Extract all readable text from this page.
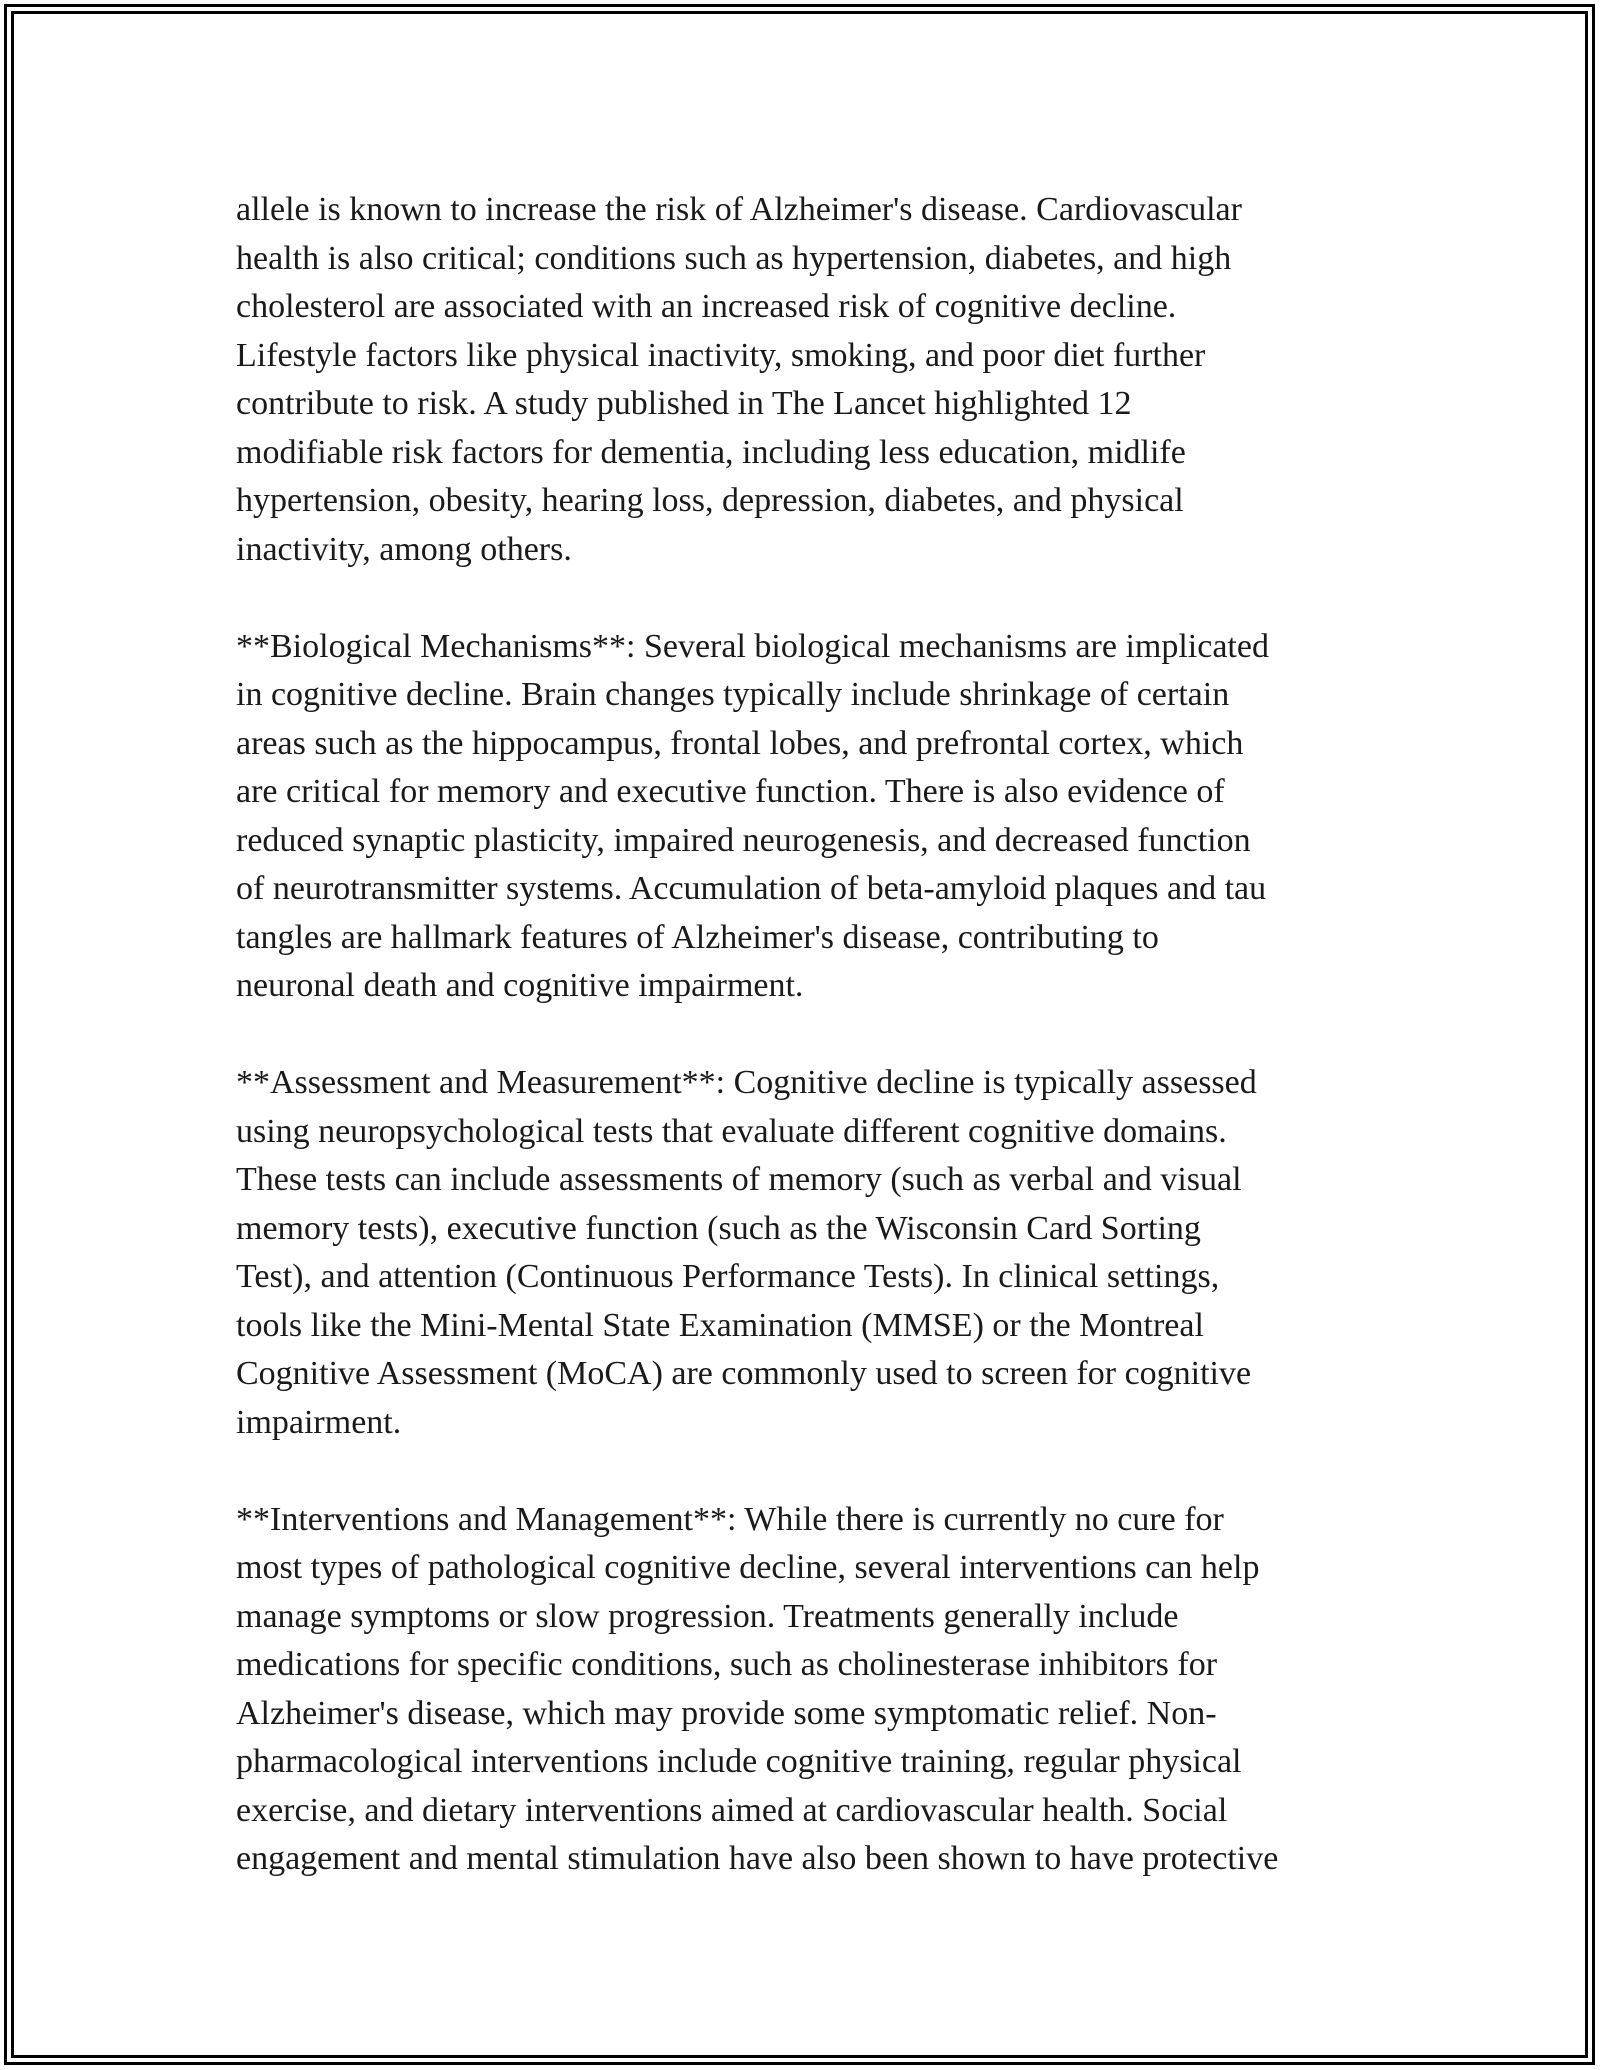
allele is known to increase the risk of Alzheimer's disease. Cardiovascular
health is also critical; conditions such as hypertension, diabetes, and high
cholesterol are associated with an increased risk of cognitive decline.
Lifestyle factors like physical inactivity, smoking, and poor diet further
contribute to risk. A study published in The Lancet highlighted 12
modifiable risk factors for dementia, including less education, midlife
hypertension, obesity, hearing loss, depression, diabetes, and physical
inactivity, among others.
**Biological Mechanisms**: Several biological mechanisms are implicated
in cognitive decline. Brain changes typically include shrinkage of certain
areas such as the hippocampus, frontal lobes, and prefrontal cortex, which
are critical for memory and executive function. There is also evidence of
reduced synaptic plasticity, impaired neurogenesis, and decreased function
of neurotransmitter systems. Accumulation of beta-amyloid plaques and tau
tangles are hallmark features of Alzheimer's disease, contributing to
neuronal death and cognitive impairment.
**Assessment and Measurement**: Cognitive decline is typically assessed
using neuropsychological tests that evaluate different cognitive domains.
These tests can include assessments of memory (such as verbal and visual
memory tests), executive function (such as the Wisconsin Card Sorting
Test), and attention (Continuous Performance Tests). In clinical settings,
tools like the Mini-Mental State Examination (MMSE) or the Montreal
Cognitive Assessment (MoCA) are commonly used to screen for cognitive
impairment.
**Interventions and Management**: While there is currently no cure for
most types of pathological cognitive decline, several interventions can help
manage symptoms or slow progression. Treatments generally include
medications for specific conditions, such as cholinesterase inhibitors for
Alzheimer's disease, which may provide some symptomatic relief. Non-
pharmacological interventions include cognitive training, regular physical
exercise, and dietary interventions aimed at cardiovascular health. Social
engagement and mental stimulation have also been shown to have protective
